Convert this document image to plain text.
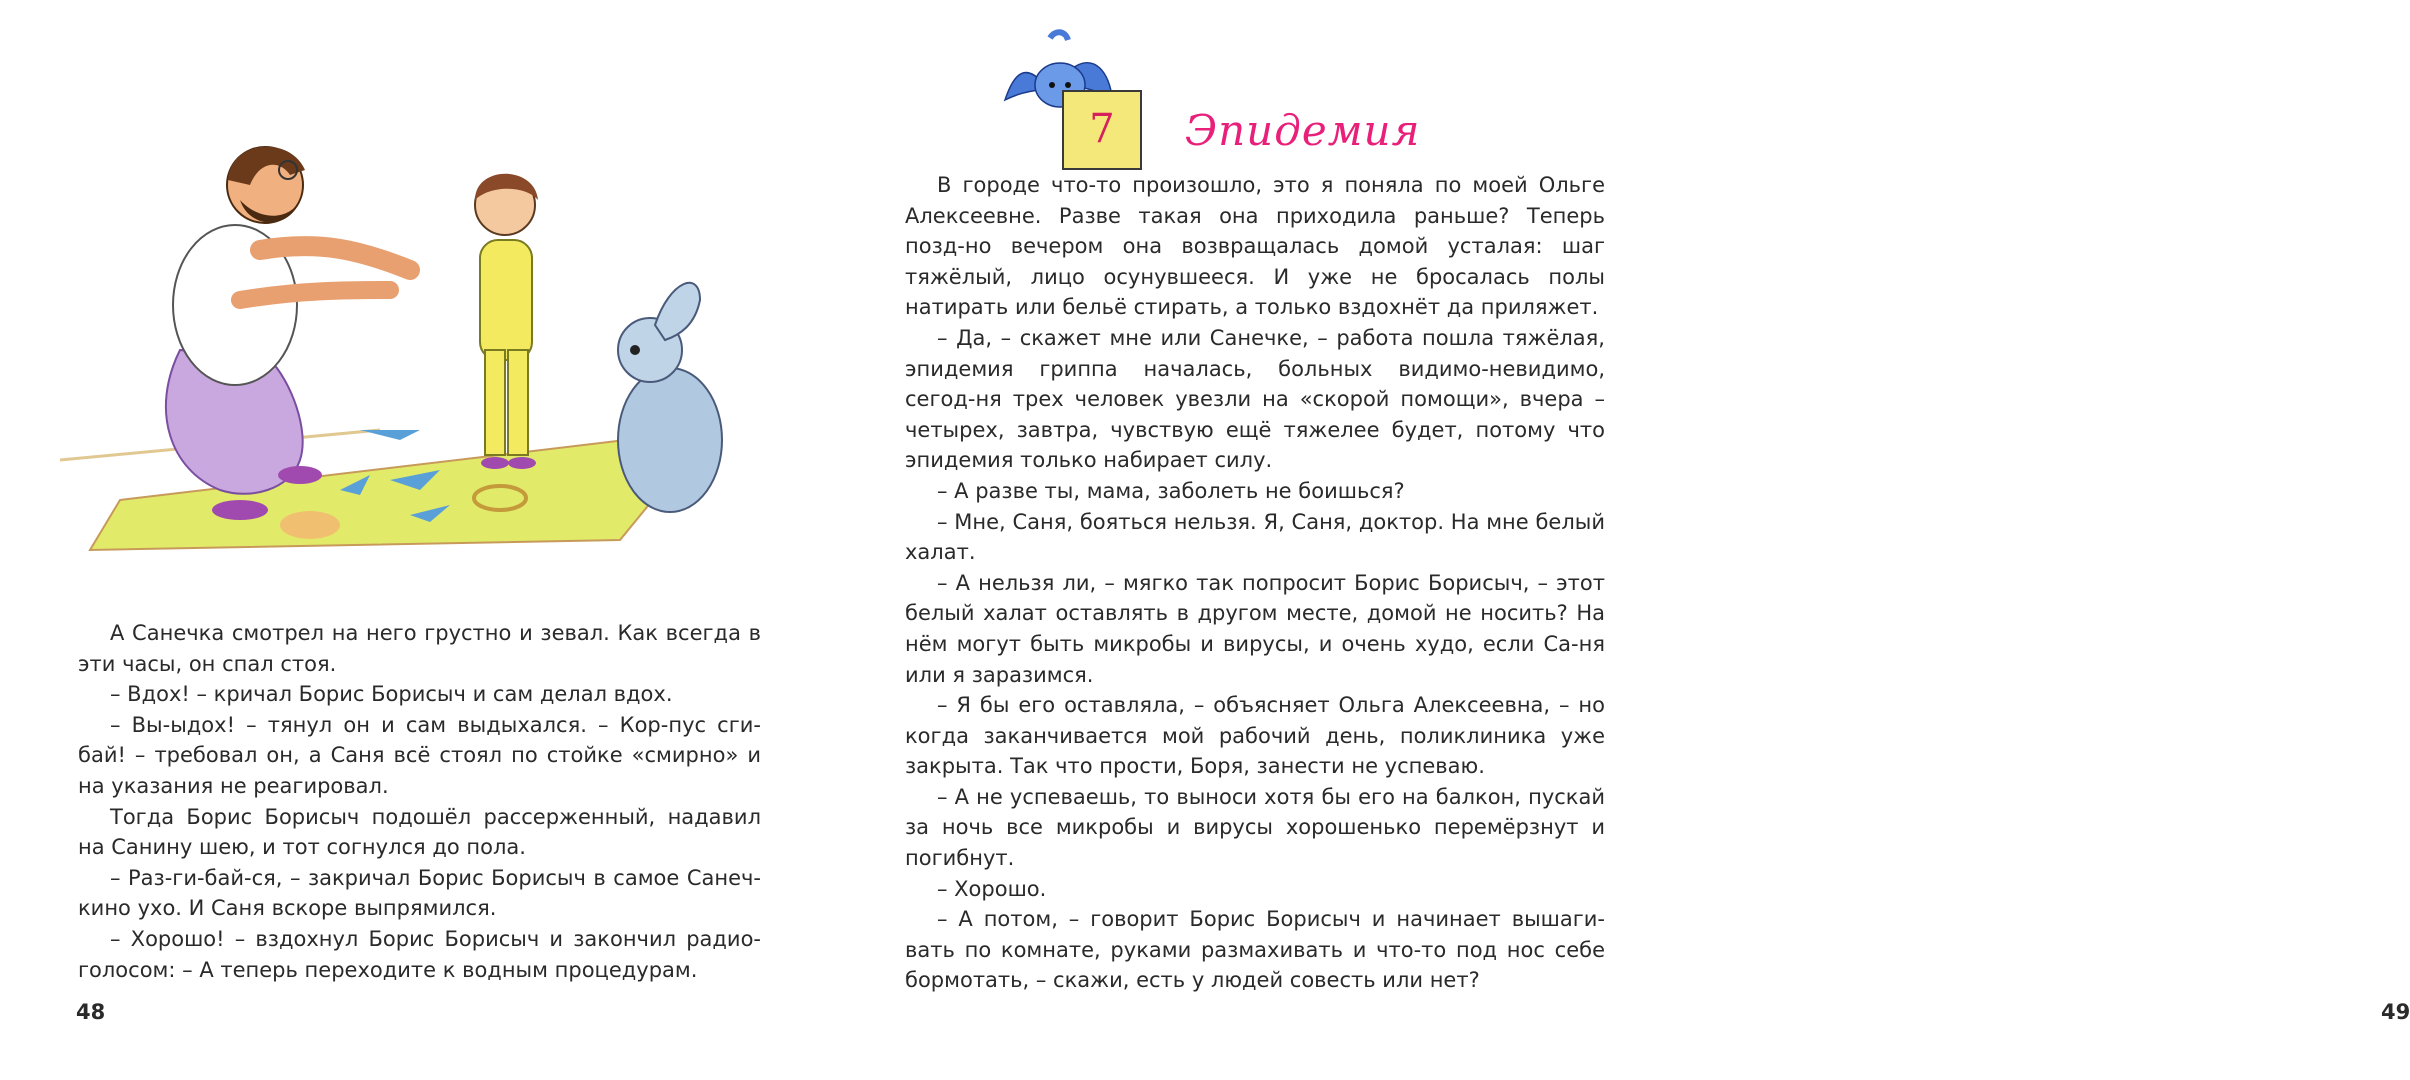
А Санечка смотрел на него грустно и зевал. Как всегда в эти часы, он спал стоя.

– Вдох! – кричал Борис Борисыч и сам делал вдох.

– Вы-ыдох! – тянул он и сам выдыхался. – Кор-пус сги-бай! – требовал он, а Саня всё стоял по стойке «смирно» и на указания не реагировал.

Тогда Борис Борисыч подошёл рассерженный, надавил на Санину шею, и тот согнулся до пола.

– Раз-ги-бай-ся, – закричал Борис Борисыч в самое Санеч-кино ухо. И Саня вскоре выпрямился.

– Хорошо! – вздохнул Борис Борисыч и закончил радио-голосом: – А теперь переходите к водным процедурам.

48

В городе что-то произошло, это я поняла по моей Ольге Алексеевне. Разве такая она приходила раньше? Теперь позд-но вечером она возвращалась домой усталая: шаг тяжёлый, лицо осунувшееся. И уже не бросалась полы натирать или бельё стирать, а только вздохнёт да приляжет.

– Да, – скажет мне или Санечке, – работа пошла тяжёлая, эпидемия гриппа началась, больных видимо-невидимо, сегод-ня трех человек увезли на «скорой помощи», вчера – четырех, завтра, чувствую ещё тяжелее будет, потому что эпидемия только набирает силу.

– А разве ты, мама, заболеть не боишься?

– Мне, Саня, бояться нельзя. Я, Саня, доктор. На мне белый халат.

– А нельзя ли, – мягко так попросит Борис Борисыч, – этот белый халат оставлять в другом месте, домой не носить? На нём могут быть микробы и вирусы, и очень худо, если Са-ня или я заразимся.

– Я бы его оставляла, – объясняет Ольга Алексеевна, – но когда заканчивается мой рабочий день, поликлиника уже закрыта. Так что прости, Боря, занести не успеваю.

– А не успеваешь, то выноси хотя бы его на балкон, пускай за ночь все микробы и вирусы хорошенько перемёрзнут и погибнут.

– Хорошо.

– А потом, – говорит Борис Борисыч и начинает вышаги-вать по комнате, руками размахивать и что-то под нос себе бормотать, – скажи, есть у людей совесть или нет?

49
7	Эпидемия
